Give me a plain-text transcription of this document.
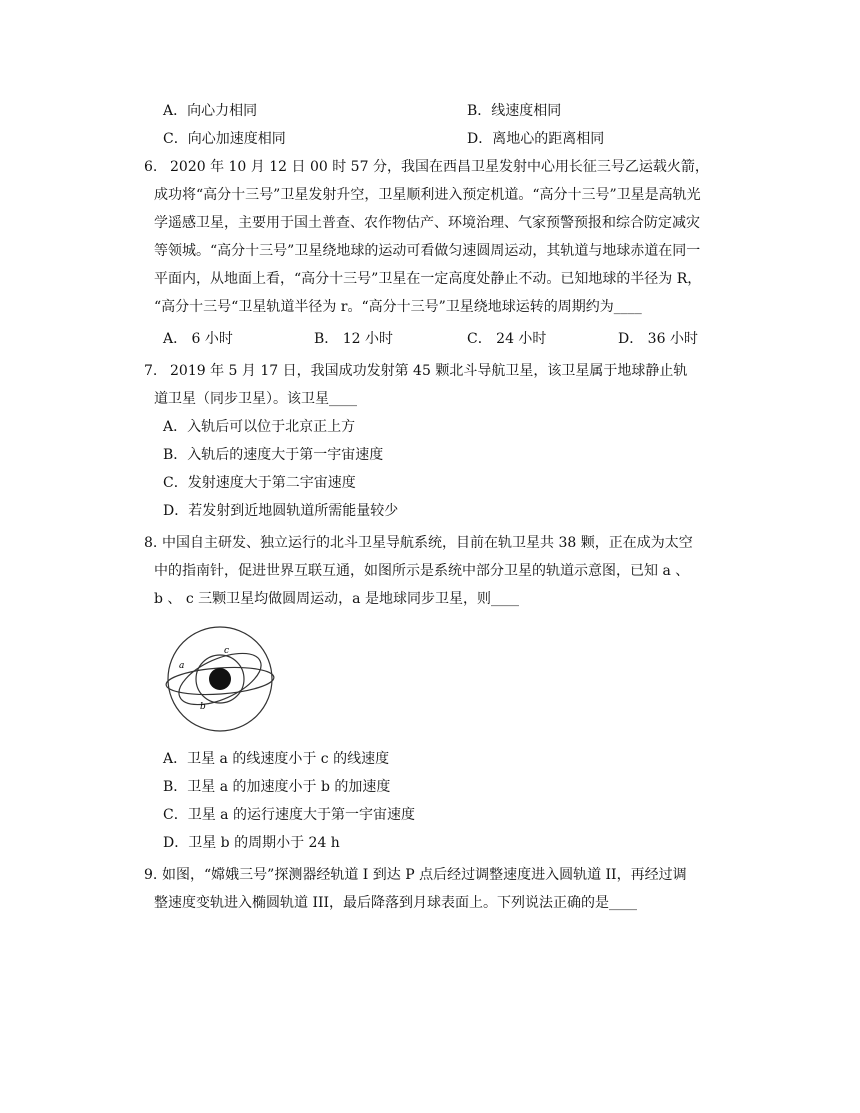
A．向心力相同	B．线速度相同
C．向心加速度相同	D．离地心的距离相同
6. 2020 年 10 月 12 日 00 时 57 分，我国在西昌卫星发射中心用长征三号乙运载火箭，
成功将“高分十三号”卫星发射升空，卫星顺利进入预定机道。“高分十三号”卫星是高轨光
学遥感卫星，主要用于国土普查、农作物估产、环境治理、气家预警预报和综合防定减灾
等领城。“高分十三号”卫星绕地球的运动可看做匀速圆周运动，其轨道与地球赤道在同一
平面内，从地面上看，“高分十三号”卫星在一定高度处静止不动。已知地球的半径为 R，
“高分十三号“卫星轨道半径为 r。“高分十三号”卫星绕地球运转的周期约为____
A． 6 小时	B． 12 小时	C． 24 小时	D． 36 小时
7. 2019 年 5 月 17 日，我国成功发射第 45 颗北斗导航卫星，该卫星属于地球静止轨
道卫星（同步卫星）。该卫星____
A．入轨后可以位于北京正上方
B．入轨后的速度大于第一宇宙速度
C．发射速度大于第二宇宙速度
D．若发射到近地圆轨道所需能量较少
8. 中国自主研发、独立运行的北斗卫星导航系统，目前在轨卫星共 38 颗，正在成为太空
中的指南针，促进世界互联互通，如图所示是系统中部分卫星的轨道示意图，已知 a 、
b 、 c 三颗卫星均做圆周运动，a 是地球同步卫星，则____
a
b
c
A．卫星 a 的线速度小于 c 的线速度
B．卫星 a 的加速度小于 b 的加速度
C．卫星 a 的运行速度大于第一宇宙速度
D．卫星 b 的周期小于 24 h
9. 如图，“嫦娥三号”探测器经轨道 I 到达 P 点后经过调整速度进入圆轨道 II，再经过调
整速度变轨进入椭圆轨道 III，最后降落到月球表面上。下列说法正确的是____
